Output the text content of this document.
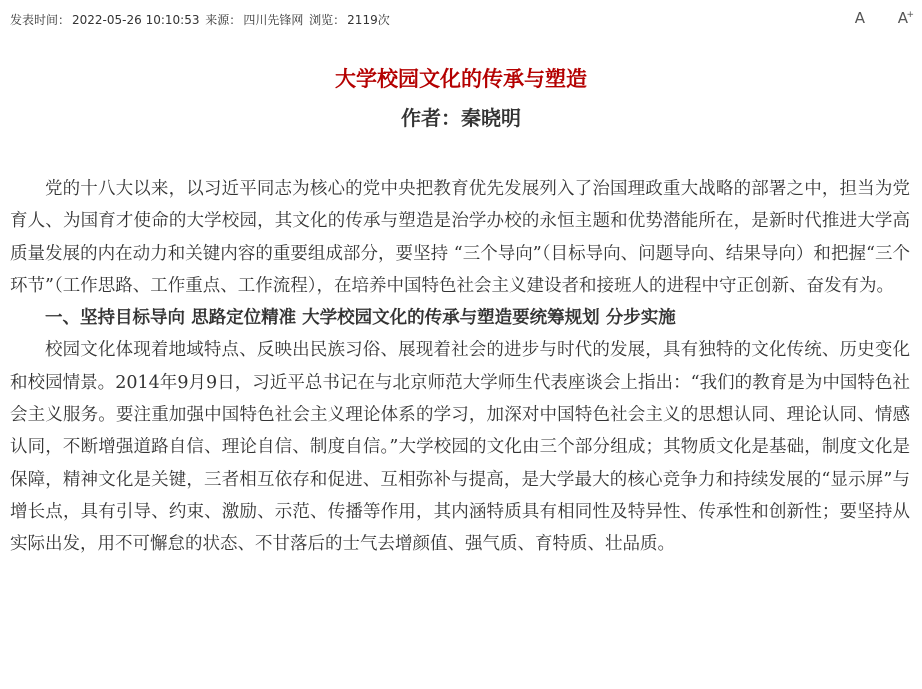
发表时间： 2022-05-26 10:10:53 来源： 四川先锋网 浏览： 2119次	A A
+
大学校园文化的传承与塑造
作者：秦晓明

党的十八大以来，以习近平同志为核心的党中央把教育优先发展列入了治国理政重大战略的部署之中，担当为党育人、为国育才使命的大学校园，其文化的传承与塑造是治学办校的永恒主题和优势潜能所在，是新时代推进大学高质量发展的内在动力和关键内容的重要组成部分，要坚持 “三个导向”（目标导向、问题导向、结果导向）和把握“三个环节”（工作思路、工作重点、工作流程），在培养中国特色社会主义建设者和接班人的进程中守正创新、奋发有为。

一、坚持目标导向 思路定位精准 大学校园文化的传承与塑造要统筹规划 分步实施

校园文化体现着地域特点、反映出民族习俗、展现着社会的进步与时代的发展，具有独特的文化传统、历史变化和校园情景。2014年9月9日，习近平总书记在与北京师范大学师生代表座谈会上指出：“我们的教育是为中国特色社会主义服务。要注重加强中国特色社会主义理论体系的学习，加深对中国特色社会主义的思想认同、理论认同、情感认同，不断增强道路自信、理论自信、制度自信。”大学校园的文化由三个部分组成；其物质文化是基础，制度文化是保障，精神文化是关键，三者相互依存和促进、互相弥补与提高，是大学最大的核心竞争力和持续发展的“显示屏”与增长点，具有引导、约束、激励、示范、传播等作用，其内涵特质具有相同性及特异性、传承性和创新性；要坚持从实际出发，用不可懈怠的状态、不甘落后的士气去增颜值、强气质、育特质、壮品质。
